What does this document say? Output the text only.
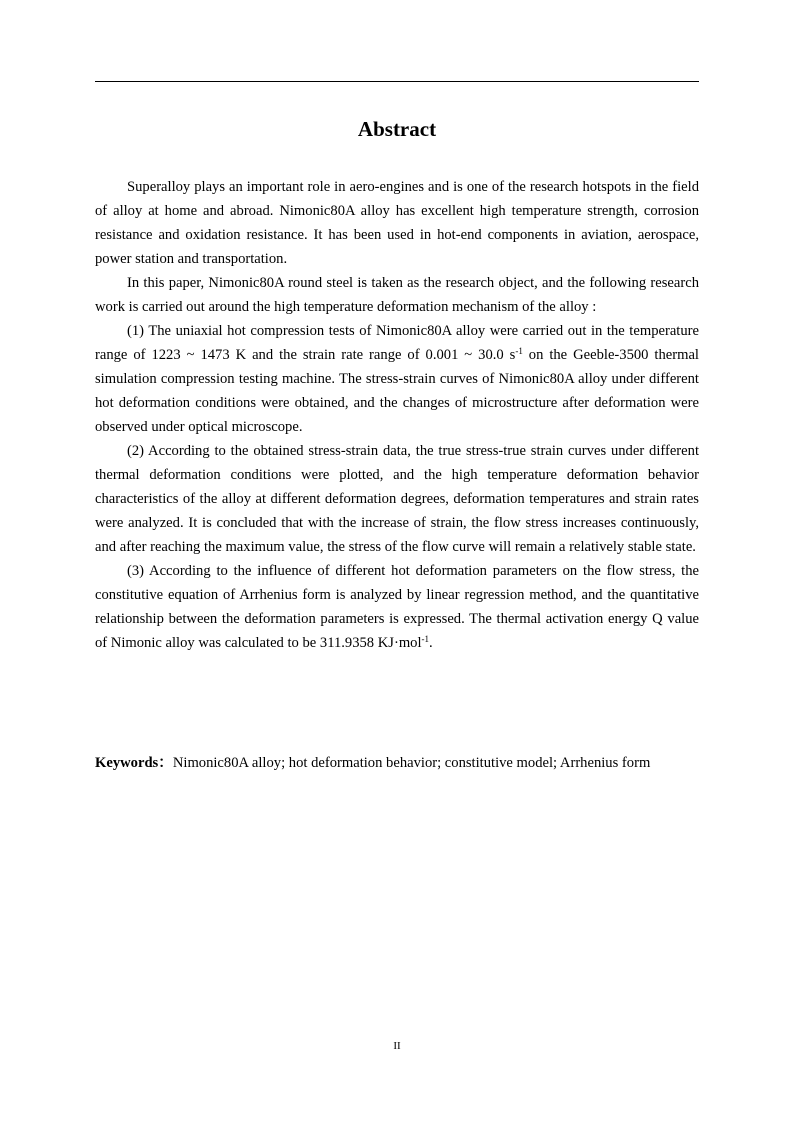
Abstract

Superalloy plays an important role in aero-engines and is one of the research hotspots in the field of alloy at home and abroad. Nimonic80A alloy has excellent high temperature strength, corrosion resistance and oxidation resistance. It has been used in hot-end components in aviation, aerospace, power station and transportation.

In this paper, Nimonic80A round steel is taken as the research object, and the following research work is carried out around the high temperature deformation mechanism of the alloy :

(1) The uniaxial hot compression tests of Nimonic80A alloy were carried out in the temperature range of 1223 ~ 1473 K and the strain rate range of 0.001 ~ 30.0 $s^{-1}$ on the Geeble-3500 thermal simulation compression testing machine. The stress-strain curves of Nimonic80A alloy under different hot deformation conditions were obtained, and the changes of microstructure after deformation were observed under optical microscope.

(2) According to the obtained stress-strain data, the true stress-true strain curves under different thermal deformation conditions were plotted, and the high temperature deformation behavior characteristics of the alloy at different deformation degrees, deformation temperatures and strain rates were analyzed. It is concluded that with the increase of strain, the flow stress increases continuously, and after reaching the maximum value, the stress of the flow curve will remain a relatively stable state.

(3) According to the influence of different hot deformation parameters on the flow stress, the constitutive equation of Arrhenius form is analyzed by linear regression method, and the quantitative relationship between the deformation parameters is expressed. The thermal activation energy Q value of Nimonic alloy was calculated to be 311.9358 KJ·mol$^{-1}$.

Keywords：Nimonic80A alloy; hot deformation behavior; constitutive model; Arrhenius form

II
